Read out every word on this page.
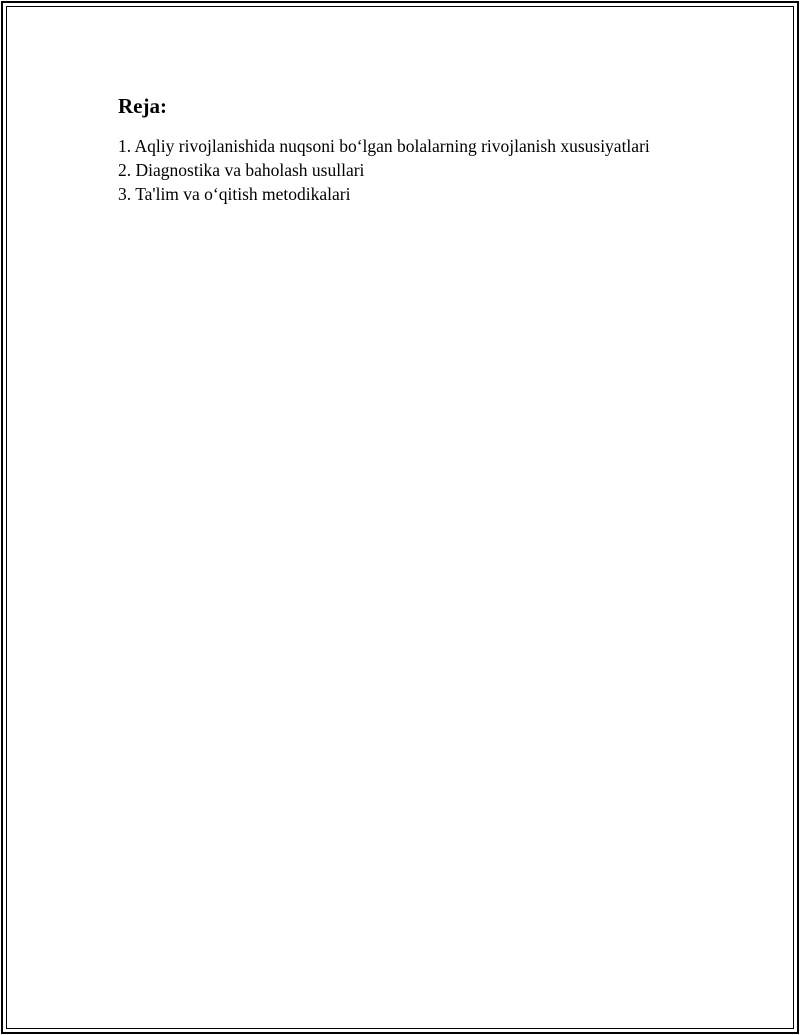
Reja:
1. Aqliy rivojlanishida nuqsoni bo‘lgan bolalarning rivojlanish xususiyatlari
2. Diagnostika va baholash usullari
3. Ta'lim va o‘qitish metodikalari
